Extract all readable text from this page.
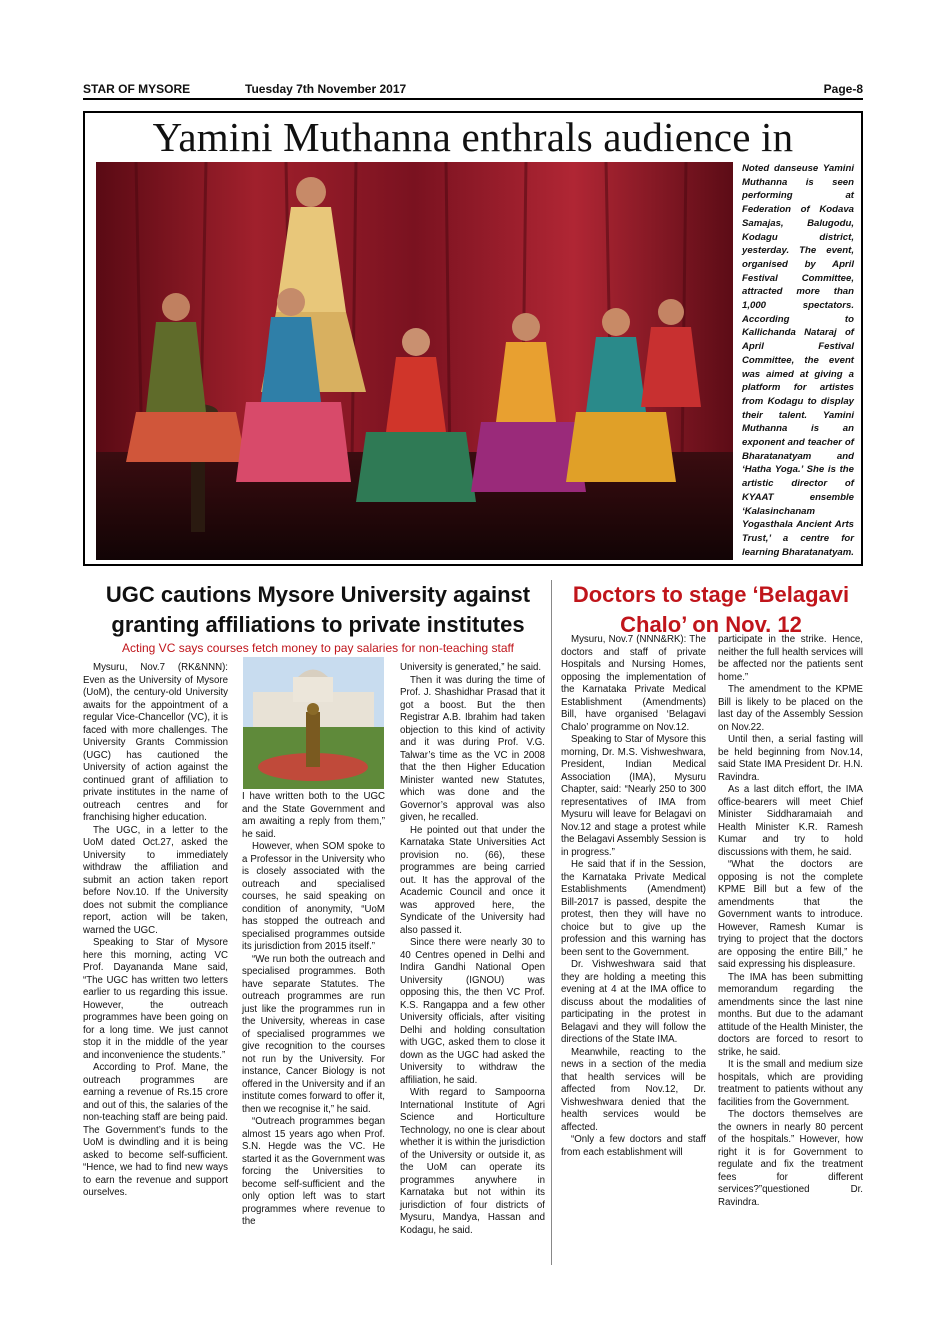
STAR OF MYSORE	Tuesday 7th November 2017	Page-8
Yamini Muthanna enthrals audience in
Noted danseuse Yamini Muthanna is seen performing at Federation of Kodava Samajas, Balugodu, Kodagu district, yesterday. The event, organised by April Festival Committee, attracted more than 1,000 spectators. According to Kallichanda Nataraj of April Festival Committee, the event was aimed at giving a platform for artistes from Kodagu to display their talent. Yamini Muthanna is an exponent and teacher of Bharatanatyam and ‘Hatha Yoga.’ She is the artistic director of KYAAT ensemble ‘Kalasinchanam Yogasthala Ancient Arts Trust,’ a centre for learning Bharatanatyam.
UGC cautions Mysore University against granting affiliations to private institutes
Acting VC says courses fetch money to pay salaries for non-teaching staff

Mysuru, Nov.7 (RK&NNN): Even as the University of Mysore (UoM), the century-old University awaits for the appointment of a regular Vice-Chancellor (VC), it is faced with more challenges. The University Grants Commission (UGC) has cautioned the University of action against the continued grant of affiliation to private institutes in the name of outreach centres and for franchising higher education.

The UGC, in a letter to the UoM dated Oct.27, asked the University to immediately withdraw the affiliation and submit an action taken report before Nov.10. If the University does not submit the compliance report, action will be taken, warned the UGC.

Speaking to Star of Mysore here this morning, acting VC Prof. Dayananda Mane said, “The UGC has written two letters earlier to us regarding this issue. However, the outreach programmes have been going on for a long time. We just cannot stop it in the middle of the year and inconvenience the students.”

According to Prof. Mane, the outreach programmes are earning a revenue of Rs.15 crore and out of this, the salaries of the non-teaching staff are being paid. The Government’s funds to the UoM is dwindling and it is being asked to become self-sufficient. “Hence, we had to find new ways to earn the revenue and support ourselves.

I have written both to the UGC and the State Government and am awaiting a reply from them,” he said.

However, when SOM spoke to a Professor in the University who is closely associated with the outreach and specialised courses, he said speaking on condition of anonymity, “UoM has stopped the outreach and specialised programmes outside its jurisdiction from 2015 itself.”

“We run both the outreach and specialised programmes. Both have separate Statutes. The outreach programmes are run just like the programmes run in the University, whereas in case of specialised programmes we give recognition to the courses not run by the University. For instance, Cancer Biology is not offered in the University and if an institute comes forward to offer it, then we recognise it,” he said.

“Outreach programmes began almost 15 years ago when Prof. S.N. Hegde was the VC. He started it as the Government was forcing the Universities to become self-sufficient and the only option left was to start programmes where revenue to the

University is generated,” he said.

Then it was during the time of Prof. J. Shashidhar Prasad that it got a boost. But the then Registrar A.B. Ibrahim had taken objection to this kind of activity and it was during Prof. V.G. Talwar’s time as the VC in 2008 that the then Higher Education Minister wanted new Statutes, which was done and the Governor’s approval was also given, he recalled.

He pointed out that under the Karnataka State Universities Act provision no. (66), these programmes are being carried out. It has the approval of the Academic Council and once it was approved here, the Syndicate of the University had also passed it.

Since there were nearly 30 to 40 Centres opened in Delhi and Indira Gandhi National Open University (IGNOU) was opposing this, the then VC Prof. K.S. Rangappa and a few other University officials, after visiting Delhi and holding consultation with UGC, asked them to close it down as the UGC had asked the University to withdraw the affiliation, he said.

With regard to Sampoorna International Institute of Agri Science and Horticulture Technology, no one is clear about whether it is within the jurisdiction of the University or outside it, as the UoM can operate its programmes anywhere in Karnataka but not within its jurisdiction of four districts of Mysuru, Mandya, Hassan and Kodagu, he said.

Doctors to stage ‘Belagavi Chalo’ on Nov. 12

Mysuru, Nov.7 (NNN&RK): The doctors and staff of private Hospitals and Nursing Homes, opposing the implementation of the Karnataka Private Medical Establishment (Amendments) Bill, have organised ‘Belagavi Chalo’ programme on Nov.12.

Speaking to Star of Mysore this morning, Dr. M.S. Vishweshwara, President, Indian Medical Association (IMA), Mysuru Chapter, said: “Nearly 250 to 300 representatives of IMA from Mysuru will leave for Belagavi on Nov.12 and stage a protest while the Belagavi Assembly Session is in progress.”

He said that if in the Session, the Karnataka Private Medical Establishments (Amendment) Bill-2017 is passed, despite the protest, then they will have no choice but to give up the profession and this warning has been sent to the Government.

Dr. Vishweshwara said that they are holding a meeting this evening at 4 at the IMA office to discuss about the modalities of participating in the protest in Belagavi and they will follow the directions of the State IMA.

Meanwhile, reacting to the news in a section of the media that health services will be affected from Nov.12, Dr. Vishweshwara denied that the health services would be affected.

“Only a few doctors and staff from each establishment will

participate in the strike. Hence, neither the full health services will be affected nor the patients sent home.”

The amendment to the KPME Bill is likely to be placed on the last day of the Assembly Session on Nov.22.

Until then, a serial fasting will be held beginning from Nov.14, said State IMA President Dr. H.N. Ravindra.

As a last ditch effort, the IMA office-bearers will meet Chief Minister Siddharamaiah and Health Minister K.R. Ramesh Kumar and try to hold discussions with them, he said.

“What the doctors are opposing is not the complete KPME Bill but a few of the amendments that the Government wants to introduce. However, Ramesh Kumar is trying to project that the doctors are opposing the entire Bill,” he said expressing his displeasure.

The IMA has been submitting memorandum regarding the amendments since the last nine months. But due to the adamant attitude of the Health Minister, the doctors are forced to resort to strike, he said.

It is the small and medium size hospitals, which are providing treatment to patients without any facilities from the Government.

The doctors themselves are the owners in nearly 80 percent of the hospitals.” However, how right it is for Government to regulate and fix the treatment fees for different services?”questioned Dr. Ravindra.
